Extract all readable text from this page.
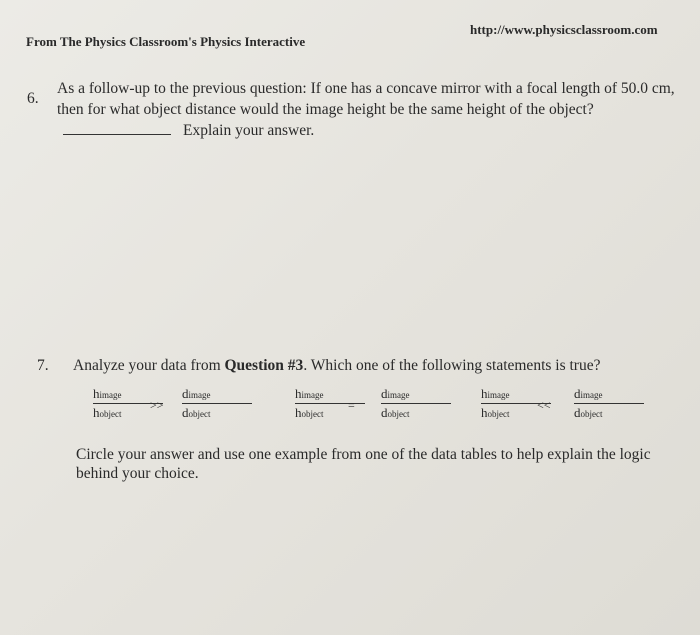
From The Physics Classroom's Physics Interactive
http://www.physicsclassroom.com
6.
As a follow-up to the previous question: If one has a concave mirror with a focal length of 50.0 cm, then for what object distance would the image height be the same height of the object?Explain your answer.
7. Analyze your data from Question #3. Which one of the following statements is true?
himage
hobject
>>
dimage
dobject
himage
hobject
=
dimage
dobject
himage
hobject
<<
dimage
dobject
Circle your answer and use one example from one of the data tables to help explain the logic behind your choice.
